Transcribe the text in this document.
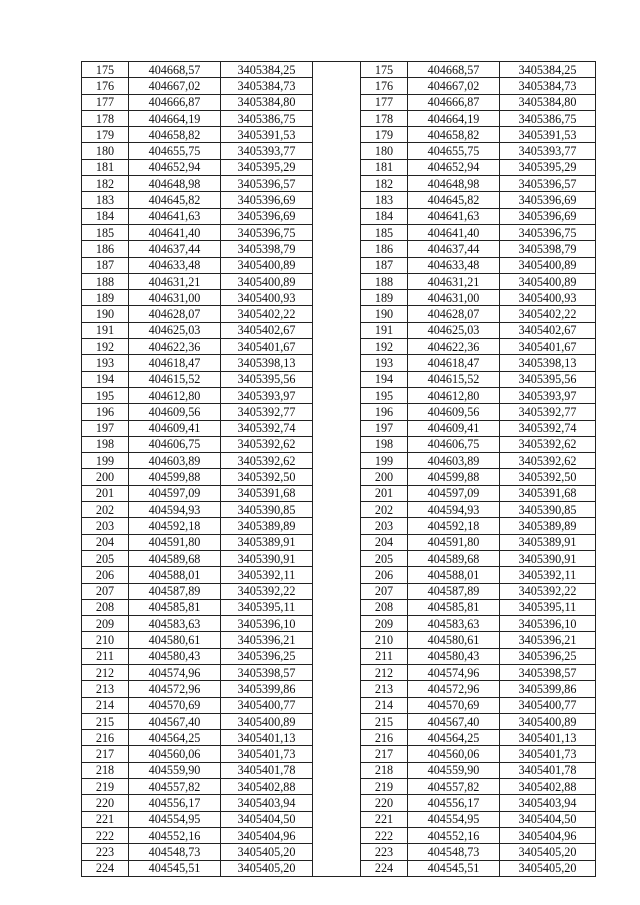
175	404668,57	3405384,25		175	404668,57	3405384,25
176	404667,02	3405384,73		176	404667,02	3405384,73
177	404666,87	3405384,80		177	404666,87	3405384,80
178	404664,19	3405386,75		178	404664,19	3405386,75
179	404658,82	3405391,53		179	404658,82	3405391,53
180	404655,75	3405393,77		180	404655,75	3405393,77
181	404652,94	3405395,29		181	404652,94	3405395,29
182	404648,98	3405396,57		182	404648,98	3405396,57
183	404645,82	3405396,69		183	404645,82	3405396,69
184	404641,63	3405396,69		184	404641,63	3405396,69
185	404641,40	3405396,75		185	404641,40	3405396,75
186	404637,44	3405398,79		186	404637,44	3405398,79
187	404633,48	3405400,89		187	404633,48	3405400,89
188	404631,21	3405400,89		188	404631,21	3405400,89
189	404631,00	3405400,93		189	404631,00	3405400,93
190	404628,07	3405402,22		190	404628,07	3405402,22
191	404625,03	3405402,67		191	404625,03	3405402,67
192	404622,36	3405401,67		192	404622,36	3405401,67
193	404618,47	3405398,13		193	404618,47	3405398,13
194	404615,52	3405395,56		194	404615,52	3405395,56
195	404612,80	3405393,97		195	404612,80	3405393,97
196	404609,56	3405392,77		196	404609,56	3405392,77
197	404609,41	3405392,74		197	404609,41	3405392,74
198	404606,75	3405392,62		198	404606,75	3405392,62
199	404603,89	3405392,62		199	404603,89	3405392,62
200	404599,88	3405392,50		200	404599,88	3405392,50
201	404597,09	3405391,68		201	404597,09	3405391,68
202	404594,93	3405390,85		202	404594,93	3405390,85
203	404592,18	3405389,89		203	404592,18	3405389,89
204	404591,80	3405389,91		204	404591,80	3405389,91
205	404589,68	3405390,91		205	404589,68	3405390,91
206	404588,01	3405392,11		206	404588,01	3405392,11
207	404587,89	3405392,22		207	404587,89	3405392,22
208	404585,81	3405395,11		208	404585,81	3405395,11
209	404583,63	3405396,10		209	404583,63	3405396,10
210	404580,61	3405396,21		210	404580,61	3405396,21
211	404580,43	3405396,25		211	404580,43	3405396,25
212	404574,96	3405398,57		212	404574,96	3405398,57
213	404572,96	3405399,86		213	404572,96	3405399,86
214	404570,69	3405400,77		214	404570,69	3405400,77
215	404567,40	3405400,89		215	404567,40	3405400,89
216	404564,25	3405401,13		216	404564,25	3405401,13
217	404560,06	3405401,73		217	404560,06	3405401,73
218	404559,90	3405401,78		218	404559,90	3405401,78
219	404557,82	3405402,88		219	404557,82	3405402,88
220	404556,17	3405403,94		220	404556,17	3405403,94
221	404554,95	3405404,50		221	404554,95	3405404,50
222	404552,16	3405404,96		222	404552,16	3405404,96
223	404548,73	3405405,20		223	404548,73	3405405,20
224	404545,51	3405405,20		224	404545,51	3405405,20
